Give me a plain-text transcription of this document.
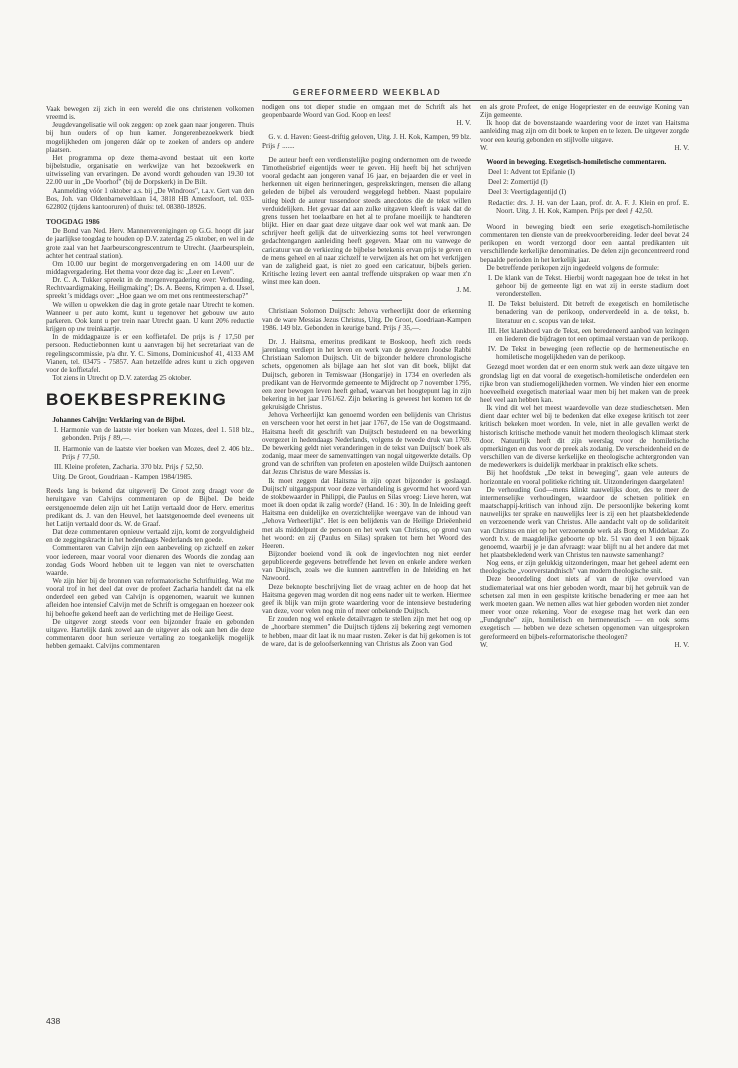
GEREFORMEERD WEEKBLAD

Vaak bewegen zij zich in een wereld die ons christenen volkomen vreemd is.

Jeugdevangelisatie wil ook zeggen: op zoek gaan naar jongeren. Thuis bij hun ouders of op hun kamer. Jongerenbezoekwerk biedt mogelijkheden om jongeren dáár op te zoeken of anders op andere plaatsen.

Het programma op deze thema-avond bestaat uit een korte bijbelstudie, organisatie en werkwijze van het bezoekwerk en uitwisseling van ervaringen. De avond wordt gehouden van 19.30 tot 22.00 uur in „De Voorhof" (bij de Dorpskerk) in De Bilt.

Aanmelding vóór 1 oktober a.s. bij „De Windroos", t.a.v. Gert van den Bos, Joh. van Oldenbarneveltlaan 14, 3818 HB Amersfoort, tel. 033-622802 (tijdens kantooruren) of thuis: tel. 08380-18926.

TOOGDAG 1986

De Bond van Ned. Herv. Mannenverenigingen op G.G. hoopt dit jaar de jaarlijkse toogdag te houden op D.V. zaterdag 25 oktober, en wel in de grote zaal van het Jaarbeurscongrescentrum te Utrecht. (Jaarbeursplein, achter het centraal station).

Om 10.00 uur begint de morgenvergadering en om 14.00 uur de middagvergadering. Het thema voor deze dag is: „Leer en Leven".

Dr. C. A. Tukker spreekt in de morgenvergadering over: Verhouding, Rechtvaardigmaking, Heiligmaking"; Ds. A. Beens, Krimpen a. d. IJssel, spreekt 's middags over: „Hoe gaan we om met ons rentmeesterschap?"

We willen u opwekken die dag in grote getale naar Utrecht te komen. Wanneer u per auto komt, kunt u tegenover het gebouw uw auto parkeren. Ook kunt u per trein naar Utrecht gaan. U kunt 20% reductie krijgen op uw treinkaartje.

In de middagpauze is er een koffietafel. De prijs is ƒ 17,50 per persoon. Reductiebonnen kunt u aanvragen bij het secretariaat van de regelingscommissie, p/a dhr. Y. C. Simons, Dominicushof 41, 4133 AM Vianen, tel. 03475 - 75857. Aan hetzelfde adres kunt u zich opgeven voor de koffietafel.

Tot ziens in Utrecht op D.V. zaterdag 25 oktober.

BOEKBESPREKING

Johannes Calvijn: Verklaring van de Bijbel.

I. Harmonie van de laatste vier boeken van Mozes, deel 1. 518 blz., gebonden. Prijs ƒ 89,—.
II. Harmonie van de laatste vier boeken van Mozes, deel 2. 406 blz.. Prijs ƒ 77,50.
III. Kleine profeten, Zacharia. 370 blz. Prijs ƒ 52,50.

Uitg. De Groot, Goudriaan - Kampen 1984/1985.

Reeds lang is bekend dat uitgeverij De Groot zorg draagt voor de heruitgave van Calvijns commentaren op de Bijbel. De beide eerstgenoemde delen zijn uit het Latijn vertaald door de Herv. emeritus predikant ds. J. van den Heuvel, het laatstgenoemde deel eveneens uit het Latijn vertaald door ds. W. de Graaf.

Dat deze commentaren opnieuw vertaald zijn, komt de zorgvuldigheid en de zeggingskracht in het hedendaags Nederlands ten goede.

Commentaren van Calvijn zijn een aanbeveling op zichzelf en zeker voor iedereen, maar vooral voor dienaren des Woords die zondag aan zondag Gods Woord hebben uit te leggen van niet te overschatten waarde.

We zijn hier bij de bronnen van reformatorische Schriftuitleg. Wat me vooral trof in het deel dat over de profeet Zacharia handelt dat na elk onderdeel een gebed van Calvijn is opgenomen, waaruit we kunnen afleiden hoe intensief Calvijn met de Schrift is omgegaan en hoezeer ook hij behoefte gekend heeft aan de verlichting met de Heilige Geest.

De uitgever zorgt steeds voor een bijzonder fraaie en gebonden uitgave. Hartelijk dank zowel aan de uitgever als ook aan hen die deze commentaren door hun serieuze vertaling zo toegankelijk mogelijk hebben gemaakt. Calvijns commentaren

nodigen ons tot dieper studie en omgaan met de Schrift als het geopenbaarde Woord van God. Koop en lees!

H. V.

G. v. d. Haven: Geest-driftig geloven, Uitg. J. H. Kok, Kampen, 99 blz. Prijs ƒ .......

De auteur heeft een verdienstelijke poging ondernomen om de tweede Timotheüsbrief eigentijds weer te geven. Hij heeft bij het schrijven vooral gedacht aan jongeren vanaf 16 jaar, en bejaarden die er veel in herkennen uit eigen herinneringen, gesprekskringen, mensen die allang geleden de bijbel als verouderd weggelegd hebben. Naast populaire uitleg biedt de auteur tussendoor steeds anecdotes die de tekst willen verduidelijken. Het gevaar dat aan zulke uitgaven kleeft is vaak dat de grens tussen het toelaatbare en het al te profane moeilijk te handteren blijkt. Hier en daar gaat deze uitgave daar ook wel wat mank aan. De schrijver heeft gelijk dat de uitverkiezing soms tot heel verwrongen gedachtengangen aanleiding heeft gegeven. Maar om nu vanwege de caricatuur van de verkiezing de bijbelse betekenis ervan prijs te geven en de mens geheel en al naar zichzelf te verwijzen als het om het verkrijgen van de zaligheid gaat, is niet zo goed een caricatuur, bijbels gerien. Kritische lezing levert een aantal treffende uitspraken op waar men z'n winst mee kan doen.

J. M.

Christiaan Solomon Duijtsch: Jehova verheerlijkt door de erkenning van de ware Messias Jezus Christus, Uitg. De Groot, Goedriaan-Kampen 1986. 149 blz. Gebonden in keurige band. Prijs ƒ 35,—.

Dr. J. Haitsma, emeritus predikant te Boskoop, heeft zich reeds jarenlang verdiept in het leven en werk van de gewezen Joodse Rabbi Christiaan Salomon Duijtsch. Uit de bijzonder heldere chronologische schets, opgenomen als bijlage aan het slot van dit boek, blijkt dat Duijtsch, geboren in Temiswaar (Hongarije) in 1734 en overleden als predikant van de Hervormde gemeente te Mijdrecht op 7 november 1795, een zeer bewogen leven heeft gehad, waarvan het hoogtepunt lag in zijn bekering in het jaar 1761/62. Zijn bekering is geweest het komen tot de gekruisigde Christus.

Jehova Verheerlijkt kan genoemd worden een belijdenis van Christus en verscheen voor het eerst in het jaar 1767, de 15e van de Oogstmaand. Haitsma heeft dit geschrift van Duijtsch bestudeerd en na bewerking overgezet in hedendaags Nederlands, volgens de tweede druk van 1769. De bewerking geldt niet veranderingen in de tekst van Duijtsch' boek als zodanig, maar meer de samenvattingen van nogal uitgewerkte details. Op grond van de schriften van profeten en apostelen wilde Duijtsch aantonen dat Jezus Christus de ware Messias is.

Ik moet zeggen dat Haitsma in zijn opzet bijzonder is geslaagd. Duijtsch' uitgangspunt voor deze verhandeling is gevormd het woord van de stokbewaarder in Philippi, die Paulus en Silas vroeg: Lieve heren, wat moet ik doen opdat ik zalig worde? (Hand. 16 : 30). In de Inleiding geeft Haitsma een duidelijke en overzichtelijke weergave van de inhoud van „Jehova Verheerlijkt". Het is een belijdenis van de Heilige Drieëenheid met als middelpunt de persoon en het werk van Christus, op grond van het woord: en zij (Paulus en Silas) spraken tot hem het Woord des Heeren.

Bijzonder boeiend vond ik ook de ingevlochten nog niet eerder gepubliceerde gegevens betreffende het leven en enkele andere werken van Duijtsch, zoals we die kunnen aantreffen in de Inleiding en het Nawoord.

Deze beknopte beschrijving liet de vraag achter en de hoop dat het Haitsma gegeven mag worden dit nog eens nader uit te werken. Hiermee geef ik blijk van mijn grote waardering voor de intensieve bestudering van deze, voor velen nog min of meer onbekende Duijtsch.

Er zouden nog wel enkele detailvragen te stellen zijn met het oog op de „hoorbare stemmen" die Duijtsch tijdens zij bekering zegt vernomen te hebben, maar dit laat ik nu maar rusten. Zeker is dat hij gekomen is tot de ware, dat is de geloofserkenning van Christus als Zoon van God

en als grote Profeet, de enige Hogepriester en de eeuwige Koning van Zijn gemeente.

Ik hoop dat de bovenstaande waardering voor de inzet van Haitsma aanleiding mag zijn om dit boek te kopen en te lezen. De uitgever zorgde voor een keurig gebonden en stijlvolle uitgave.

W.	H. V.

Woord in beweging. Exegetisch-homiletische commentaren.

Deel 1: Advent tot Epifanie (I)
Deel 2: Zomertijd (I)
Deel 3: Veertigdagentijd (I)
Redactie: drs. J. H. van der Laan, prof. dr. A. F. J. Klein en prof. E. Noort. Uitg. J. H. Kok, Kampen. Prijs per deel ƒ 42,50.

Woord in beweging biedt een serie exegetisch-homiletische commentaren ten dienste van de preekvoorbereiding. Ieder deel bevat 24 perikopen en wordt verzorgd door een aantal predikanten uit verschillende kerkelijke denominaties. De delen zijn geconcentreerd rond bepaalde perioden in het kerkelijk jaar.

De betreffende perikopen zijn ingedeeld volgens de formule:

I. De klank van de Tekst. Hierbij wordt nagegaan hoe de tekst in het gehoor bij de gemeente ligt en wat zij in eerste stadium doet veronderstellen.
II. De Tekst beluisterd. Dit betreft de exegetisch en homiletische benadering van de perikoop, onderverdeeld in a. de tekst, b. literatuur en c. scopus van de tekst.
III. Het klankbord van de Tekst, een beredeneerd aanbod van lezingen en liederen die bijdragen tot een optimaal verstaan van de perikoop.
IV. De Tekst in beweging (een reflectie op de hermeneutische en homiletische mogelijkheden van de perikoop.

Gezegd moet worden dat er een enorm stuk werk aan deze uitgave ten grondslag ligt en dat vooral de exegetisch-homiletische onderdelen een rijke bron van studiemogelijkheden vormen. We vinden hier een enorme hoeveelheid exegetisch materiaal waar men bij het maken van de preek heel veel aan hebben kan.

Ik vind dit wel het meest waardevolle van deze studieschetsen. Men dient daar echter wel bij te bedenken dat elke exegese kritisch tot zeer kritisch bekeken moet worden. In vele, niet in alle gevallen werkt de historisch kritische methode vanuit het modern theologisch klimaat sterk door. Natuurlijk heeft dit zijn weerslag voor de homiletische opmerkingen en dus voor de preek als zodanig. De verscheidenheid en de verschillen van de diverse kerkelijke en theologische achtergronden van de medewerkers is duidelijk merkbaar in praktisch elke schets.

Bij het hoofdstuk „De tekst in beweging", gaan vele auteurs de horizontale en vooral politieke richting uit. Uitzonderingen daargelaten!

De verhouding God—mens klinkt nauwelijks door, des te meer de intermenselijke verhoudingen, waardoor de schetsen politiek en maatschappij-kritisch van inhoud zijn. De persoonlijke bekering komt nauwelijks ter sprake en nauwelijks leer is zij een het plaatsbekledende en verzoenende werk van Christus. Alle aandacht valt op de solidariteit van Christus en niet op het verzoenende werk als Borg en Middelaar. Zo wordt b.v. de maagdelijke geboorte op blz. 51 van deel 1 een bijzaak genoemd, waarbij je je dan afvraagt: waar blijft nu al het andere dat met het plaatsbekledend werk van Christus ten nauwste samenhangt?

Nog eens, er zijn gelukkig uitzonderingen, maar het geheel ademt een theologische „voorverstandnisch" van modern theologische snit.

Deze beoordeling doet niets af van de rijke overvloed van studiemateriaal wat ons hier geboden wordt, maar bij het gebruik van de schetsen zal men in een gespitste kritische benadering er mee aan het werk moeten gaan. We nemen alles wat hier geboden worden niet zonder meer voor onze rekening. Voor de exegese mag het werk dan een „Fundgrube" zijn, homiletisch en hermeneutisch — en ook soms exegetisch — hebben we deze schetsen opgenomen van uitgesproken gereformeerd en bijbels-reformatorische theologen?

W.	H. V.
438
